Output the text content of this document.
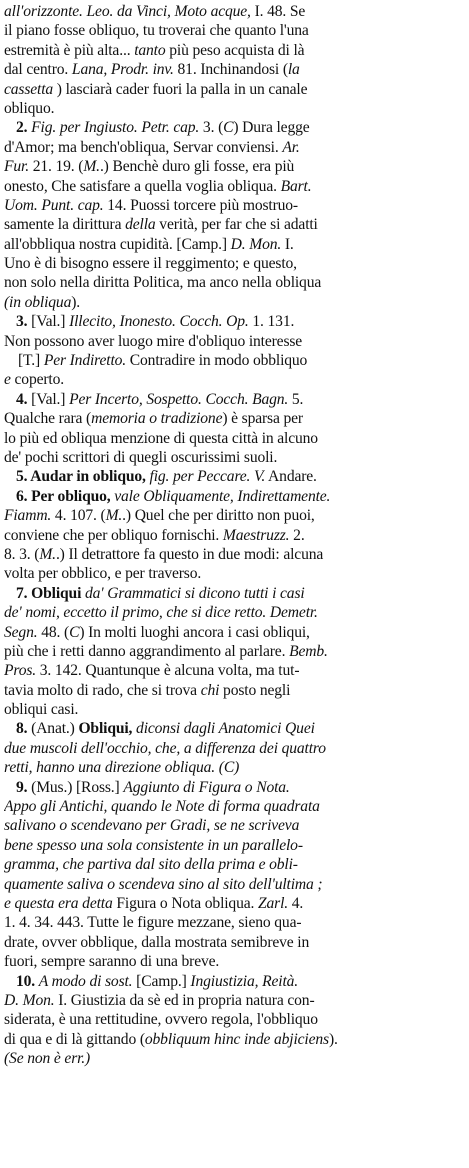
all'orizzonte. Leo. da Vinci, Moto acque, I. 48. Se
il piano fosse obliquo, tu troverai che quanto l'una
estremità è più alta... tanto più peso acquista di là
dal centro. Lana, Prodr. inv. 81. Inchinandosi (la
cassetta ) lasciarà cader fuori la palla in un canale
obliquo.
2. Fig. per Ingiusto. Petr. cap. 3. (C) Dura legge
d'Amor; ma bench'obliqua, Servar conviensi. Ar.
Fur. 21. 19. (M..) Benchè duro gli fosse, era più
onesto, Che satisfare a quella voglia obliqua. Bart.
Uom. Punt. cap. 14. Puossi torcere più mostruo-
samente la dirittura della verità, per far che si adatti
all'obbliqua nostra cupidità. [Camp.] D. Mon. I.
Uno è di bisogno essere il reggimento; e questo,
non solo nella diritta Politica, ma anco nella obliqua
(in obliqua).
3. [Val.] Illecito, Inonesto. Cocch. Op. 1. 131.
Non possono aver luogo mire d'obliquo interesse
[T.] Per Indiretto. Contradire in modo obbliquo
e coperto.
4. [Val.] Per Incerto, Sospetto. Cocch. Bagn. 5.
Qualche rara (memoria o tradizione) è sparsa per
lo più ed obliqua menzione di questa città in alcuno
de' pochi scrittori di quegli oscurissimi suoli.
5. Audar in obliquo, fig. per Peccare. V. Andare.
6. Per obliquo, vale Obliquamente, Indirettamente.
Fiamm. 4. 107. (M..) Quel che per diritto non puoi,
conviene che per obliquo fornischi. Maestruzz. 2.
8. 3. (M..) Il detrattore fa questo in due modi: alcuna
volta per obblico, e per traverso.
7. Obliqui da' Grammatici si dicono tutti i casi
de' nomi, eccetto il primo, che si dice retto. Demetr.
Segn. 48. (C) In molti luoghi ancora i casi obliqui,
più che i retti danno aggrandimento al parlare. Bemb.
Pros. 3. 142. Quantunque è alcuna volta, ma tut-
tavia molto di rado, che si trova chi posto negli
obliqui casi.
8. (Anat.) Obliqui, diconsi dagli Anatomici Quei
due muscoli dell'occhio, che, a differenza dei quattro
retti, hanno una direzione obliqua. (C)
9. (Mus.) [Ross.] Aggiunto di Figura o Nota.
Appo gli Antichi, quando le Note di forma quadrata
salivano o scendevano per Gradi, se ne scriveva
bene spesso una sola consistente in un parallelo-
gramma, che partiva dal sito della prima e obli-
quamente saliva o scendeva sino al sito dell'ultima ;
e questa era detta Figura o Nota obliqua. Zarl. 4.
1. 4. 34. 443. Tutte le figure mezzane, sieno qua-
drate, ovver obblique, dalla mostrata semibreve in
fuori, sempre saranno di una breve.
10. A modo di sost. [Camp.] Ingiustizia, Reità.
D. Mon. I. Giustizia da sè ed in propria natura con-
siderata, è una rettitudine, ovvero regola, l'obbliquo
di qua e di là gittando (obbliquum hinc inde abjiciens).
(Se non è err.)
